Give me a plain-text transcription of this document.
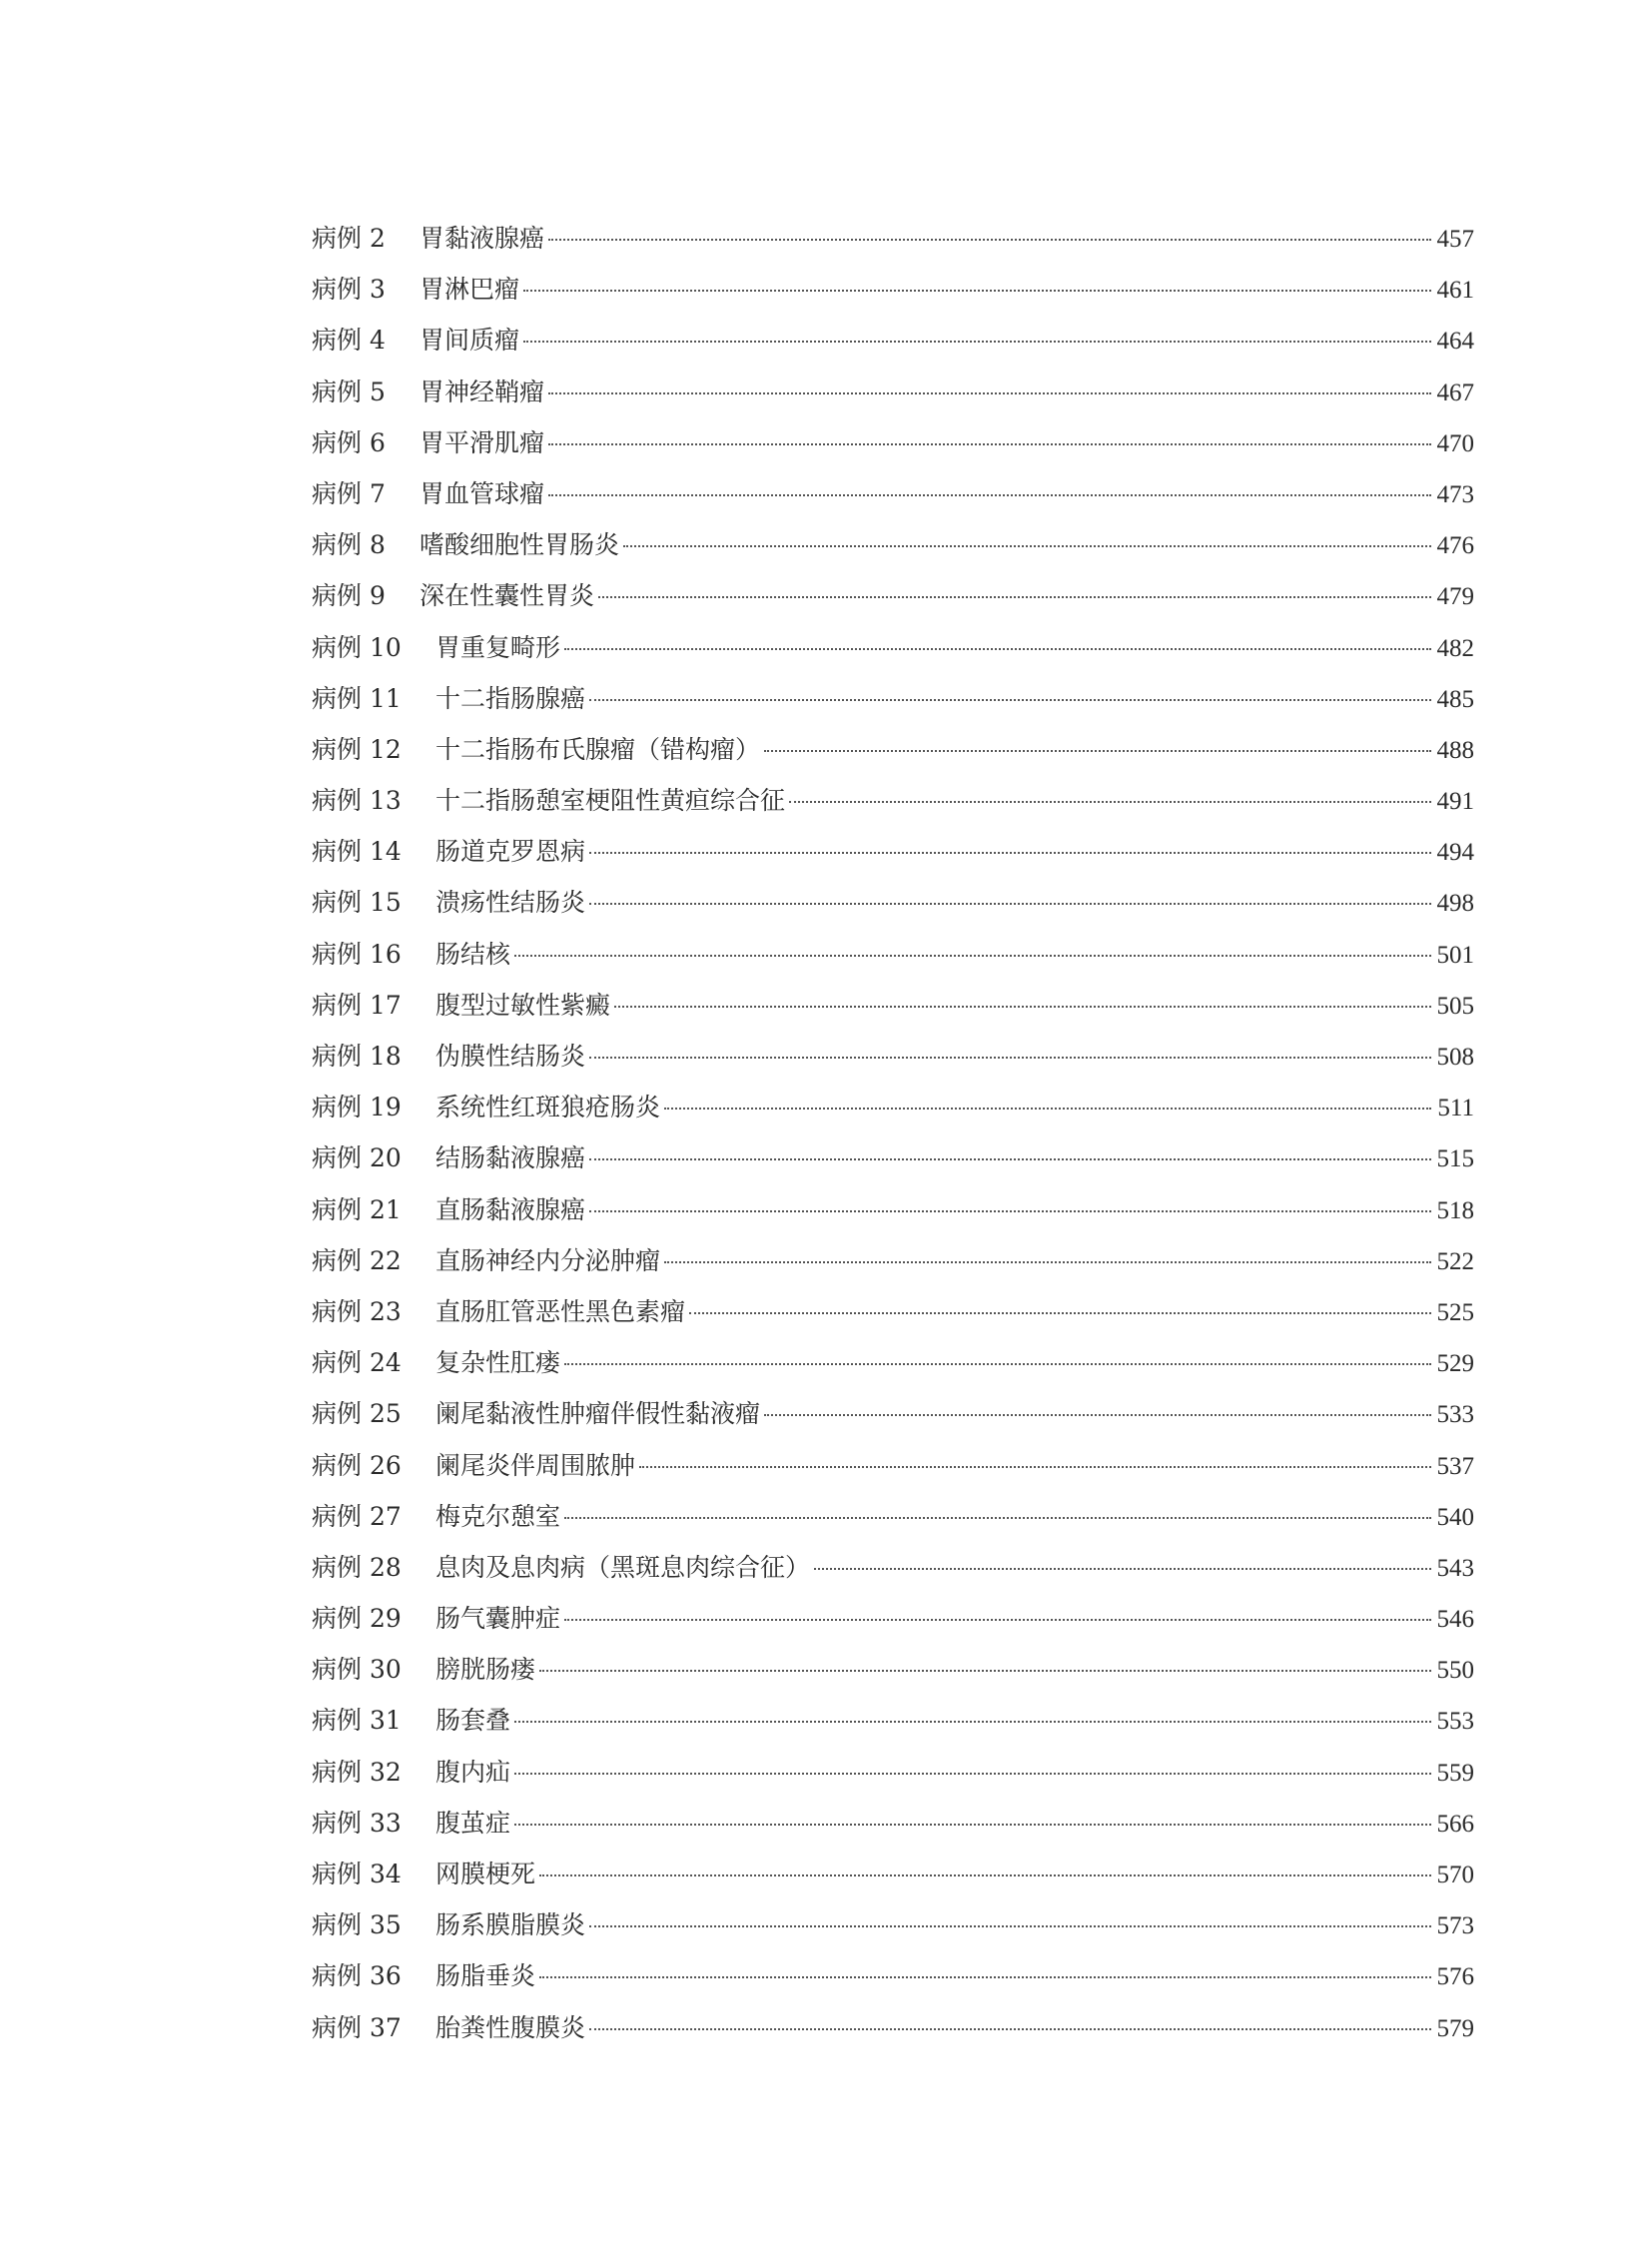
病例 2	胃黏液腺癌	457
病例 3	胃淋巴瘤	461
病例 4	胃间质瘤	464
病例 5	胃神经鞘瘤	467
病例 6	胃平滑肌瘤	470
病例 7	胃血管球瘤	473
病例 8	嗜酸细胞性胃肠炎	476
病例 9	深在性囊性胃炎	479
病例 10	胃重复畸形	482
病例 11	十二指肠腺癌	485
病例 12	十二指肠布氏腺瘤（错构瘤）	488
病例 13	十二指肠憩室梗阻性黄疸综合征	491
病例 14	肠道克罗恩病	494
病例 15	溃疡性结肠炎	498
病例 16	肠结核	501
病例 17	腹型过敏性紫癜	505
病例 18	伪膜性结肠炎	508
病例 19	系统性红斑狼疮肠炎	511
病例 20	结肠黏液腺癌	515
病例 21	直肠黏液腺癌	518
病例 22	直肠神经内分泌肿瘤	522
病例 23	直肠肛管恶性黑色素瘤	525
病例 24	复杂性肛瘘	529
病例 25	阑尾黏液性肿瘤伴假性黏液瘤	533
病例 26	阑尾炎伴周围脓肿	537
病例 27	梅克尔憩室	540
病例 28	息肉及息肉病（黑斑息肉综合征）	543
病例 29	肠气囊肿症	546
病例 30	膀胱肠瘘	550
病例 31	肠套叠	553
病例 32	腹内疝	559
病例 33	腹茧症	566
病例 34	网膜梗死	570
病例 35	肠系膜脂膜炎	573
病例 36	肠脂垂炎	576
病例 37	胎粪性腹膜炎	579
